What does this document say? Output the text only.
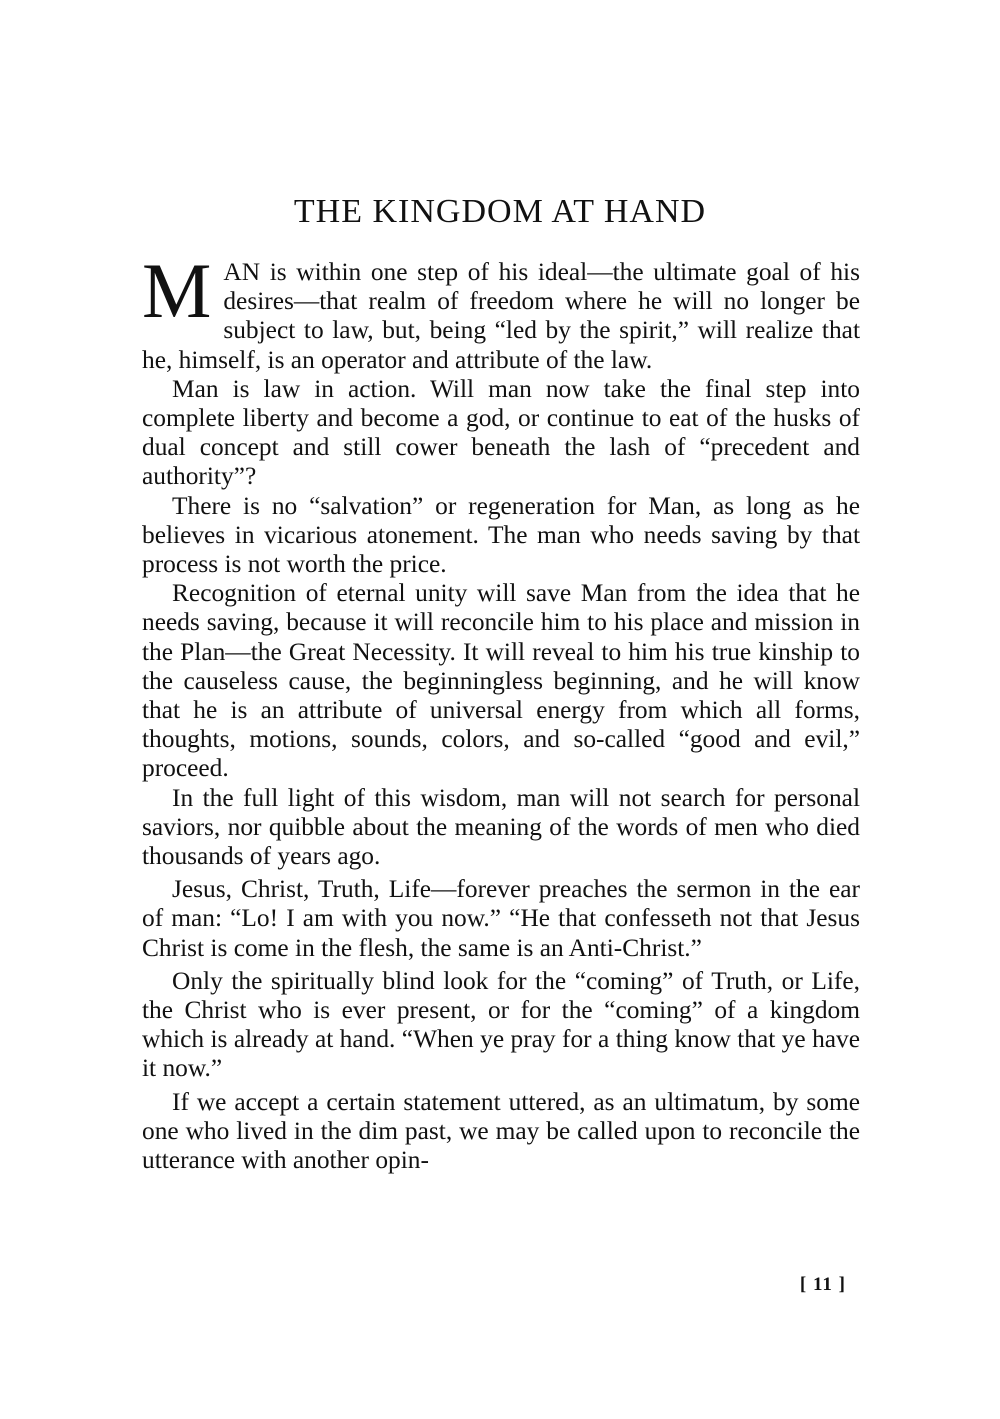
THE KINGDOM AT HAND

MAN is within one step of his ideal—the ultimate goal of his desires—that realm of freedom where he will no longer be subject to law, but, being “led by the spirit,” will realize that he, himself, is an operator and attribute of the law.

Man is law in action. Will man now take the final step into complete liberty and become a god, or continue to eat of the husks of dual concept and still cower beneath the lash of “precedent and authority”?

There is no “salvation” or regeneration for Man, as long as he believes in vicarious atonement. The man who needs saving by that process is not worth the price.

Recognition of eternal unity will save Man from the idea that he needs saving, because it will reconcile him to his place and mission in the Plan—the Great Necessity. It will reveal to him his true kinship to the causeless cause, the beginningless beginning, and he will know that he is an attribute of universal energy from which all forms, thoughts, motions, sounds, colors, and so-called “good and evil,” proceed.

In the full light of this wisdom, man will not search for personal saviors, nor quibble about the meaning of the words of men who died thousands of years ago.

Jesus, Christ, Truth, Life—forever preaches the sermon in the ear of man: “Lo! I am with you now.” “He that confesseth not that Jesus Christ is come in the flesh, the same is an Anti-Christ.”

Only the spiritually blind look for the “coming” of Truth, or Life, the Christ who is ever present, or for the “coming” of a kingdom which is already at hand. “When ye pray for a thing know that ye have it now.”

If we accept a certain statement uttered, as an ultimatum, by some one who lived in the dim past, we may be called upon to reconcile the utterance with another opin-

[ 11 ]
